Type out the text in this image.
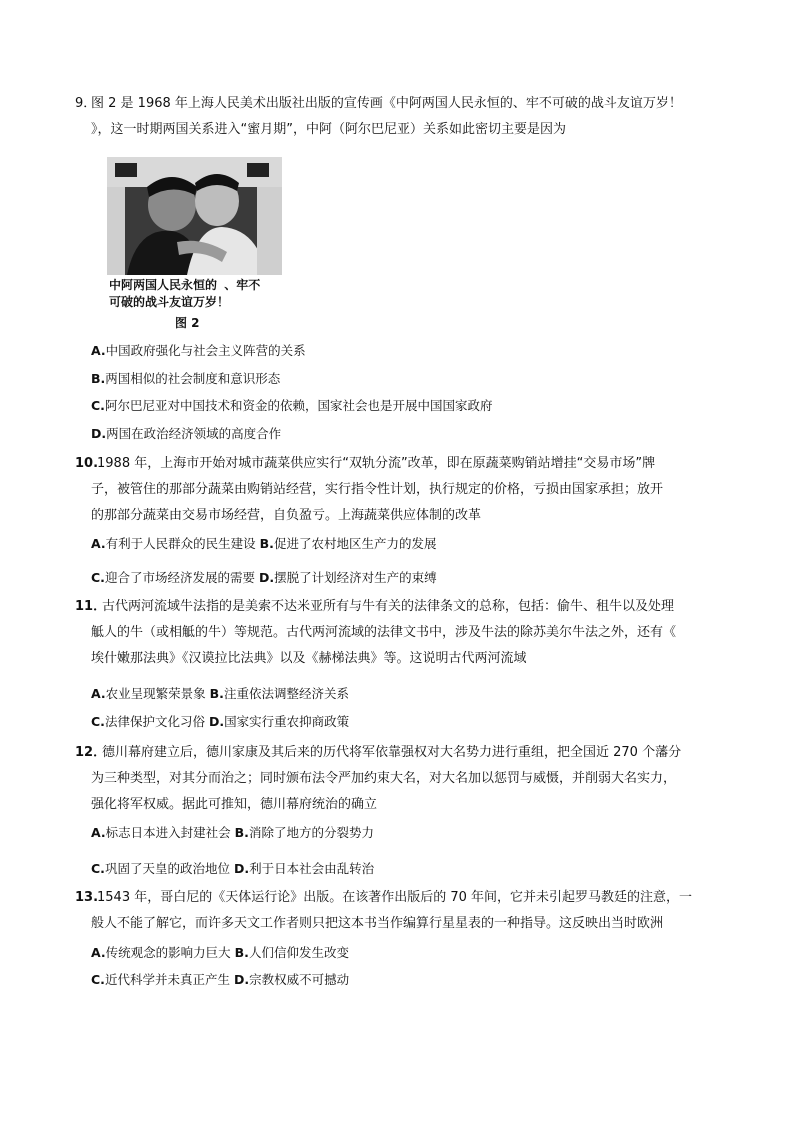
9．
图 2 是 1968 年上海人民美术出版社出版的宣传画《中阿两国人民永恒的、牢不可破的战斗友谊万岁！
》，这一时期两国关系进入“蜜月期”，中阿（阿尔巴尼亚）关系如此密切主要是因为
中阿两国人民永恒的 、牢不
可破的战斗友谊万岁！
图 2
A.中国政府强化与社会主义阵营的关系
B.两国相似的社会制度和意识形态
C.阿尔巴尼亚对中国技术和资金的依赖，国家社会也是开展中国国家政府
D.两国在政治经济领域的高度合作
10.
1988 年，上海市开始对城市蔬菜供应实行“双轨分流”改革，即在原蔬菜购销站增挂“交易市场”牌
子，被管住的那部分蔬菜由购销站经营，实行指令性计划，执行规定的价格，亏损由国家承担；放开
的那部分蔬菜由交易市场经营，自负盈亏。上海蔬菜供应体制的改革
A.有利于人民群众的民生建设 B.促进了农村地区生产力的发展
C.迎合了市场经济发展的需要 D.摆脱了计划经济对生产的束缚
11．
古代两河流域牛法指的是美索不达米亚所有与牛有关的法律条文的总称，包括：偷牛、租牛以及处理
觝人的牛（或相觝的牛）等规范。古代两河流域的法律文书中，涉及牛法的除苏美尔牛法之外，还有《
埃什嫩那法典》《汉谟拉比法典》以及《赫梯法典》等。这说明古代两河流域
A.农业呈现繁荣景象 B.注重依法调整经济关系
C.法律保护文化习俗 D.国家实行重农抑商政策
12．
德川幕府建立后，德川家康及其后来的历代将军依靠强权对大名势力进行重组，把全国近 270 个藩分
为三种类型，对其分而治之；同时颁布法令严加约束大名，对大名加以惩罚与威慑，并削弱大名实力，
强化将军权威。据此可推知，德川幕府统治的确立
A.标志日本进入封建社会 B.消除了地方的分裂势力
C.巩固了天皇的政治地位 D.利于日本社会由乱转治
13.
1543 年，哥白尼的《天体运行论》出版。在该著作出版后的 70 年间，它并未引起罗马教廷的注意，一
般人不能了解它，而许多天文工作者则只把这本书当作编算行星星表的一种指导。这反映出当时欧洲
A.传统观念的影响力巨大 B.人们信仰发生改变
C.近代科学并未真正产生 D.宗教权威不可撼动
